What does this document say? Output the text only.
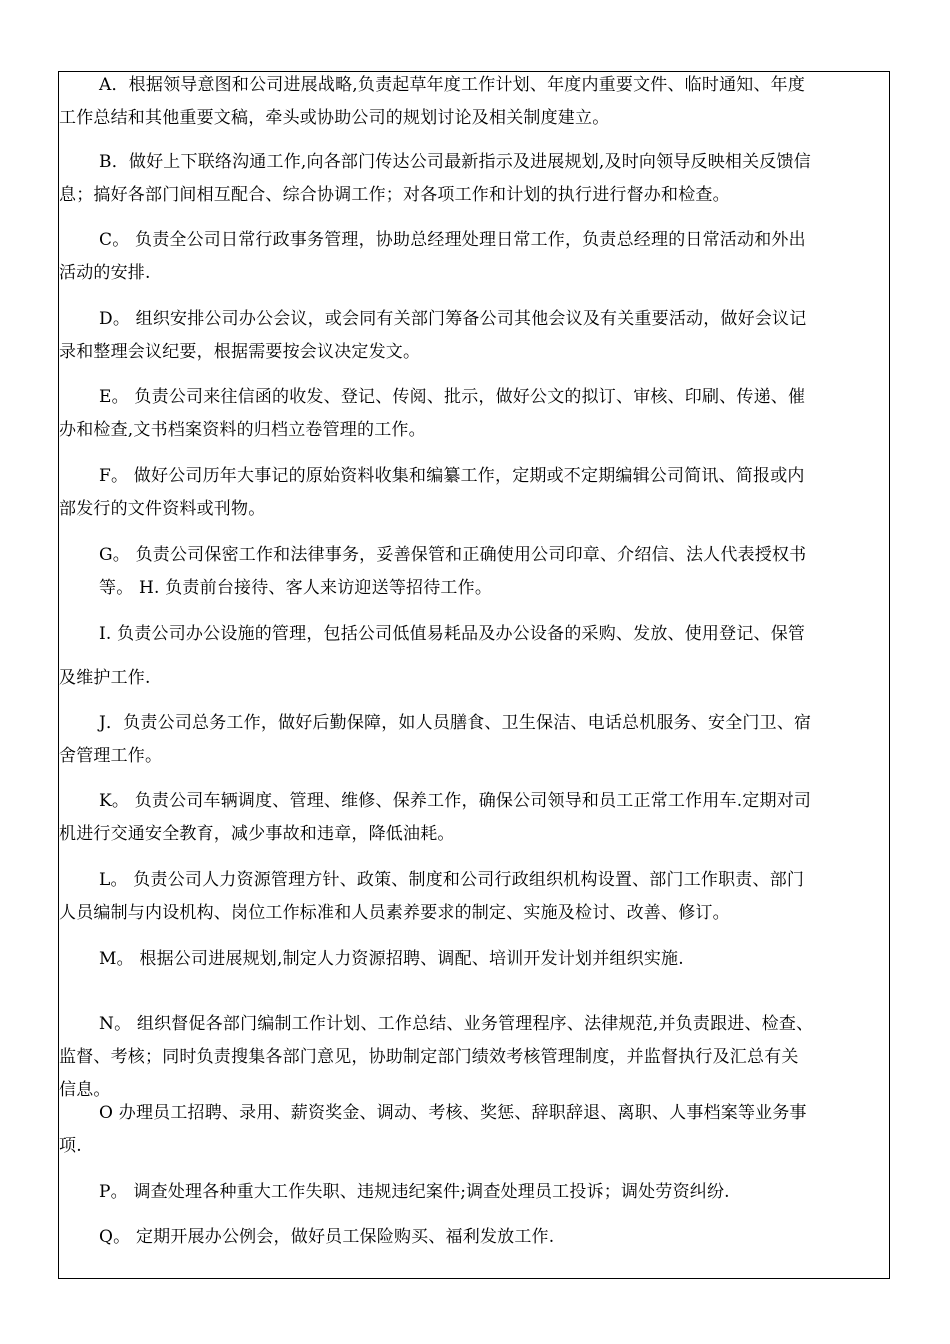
A．根据领导意图和公司进展战略,负责起草年度工作计划、年度内重要文件、临时通知、年度
工作总结和其他重要文稿，牵头或协助公司的规划讨论及相关制度建立。
B．做好上下联络沟通工作,向各部门传达公司最新指示及进展规划,及时向领导反映相关反馈信
息；搞好各部门间相互配合、综合协调工作；对各项工作和计划的执行进行督办和检查。
C。 负责全公司日常行政事务管理，协助总经理处理日常工作，负责总经理的日常活动和外出
活动的安排.
D。 组织安排公司办公会议，或会同有关部门筹备公司其他会议及有关重要活动，做好会议记
录和整理会议纪要，根据需要按会议决定发文。
E。 负责公司来往信函的收发、登记、传阅、批示，做好公文的拟订、审核、印刷、传递、催
办和检查,文书档案资料的归档立卷管理的工作。
F。 做好公司历年大事记的原始资料收集和编纂工作，定期或不定期编辑公司简讯、简报或内
部发行的文件资料或刊物。
G。 负责公司保密工作和法律事务，妥善保管和正确使用公司印章、介绍信、法人代表授权书
等。 H. 负责前台接待、客人来访迎送等招待工作。
I. 负责公司办公设施的管理，包括公司低值易耗品及办公设备的采购、发放、使用登记、保管
及维护工作.
J．负责公司总务工作，做好后勤保障，如人员膳食、卫生保洁、电话总机服务、安全门卫、宿
舍管理工作。
K。 负责公司车辆调度、管理、维修、保养工作，确保公司领导和员工正常工作用车.定期对司
机进行交通安全教育，减少事故和违章，降低油耗。
L。 负责公司人力资源管理方针、政策、制度和公司行政组织机构设置、部门工作职责、部门
人员编制与内设机构、岗位工作标准和人员素养要求的制定、实施及检讨、改善、修订。
M。 根据公司进展规划,制定人力资源招聘、调配、培训开发计划并组织实施.
N。 组织督促各部门编制工作计划、工作总结、业务管理程序、法律规范,并负责跟进、检查、
监督、考核；同时负责搜集各部门意见，协助制定部门绩效考核管理制度，并监督执行及汇总有关
信息。
O 办理员工招聘、录用、薪资奖金、调动、考核、奖惩、辞职辞退、离职、人事档案等业务事
项.
P。 调查处理各种重大工作失职、违规违纪案件;调查处理员工投诉；调处劳资纠纷.
Q。 定期开展办公例会，做好员工保险购买、福利发放工作.
